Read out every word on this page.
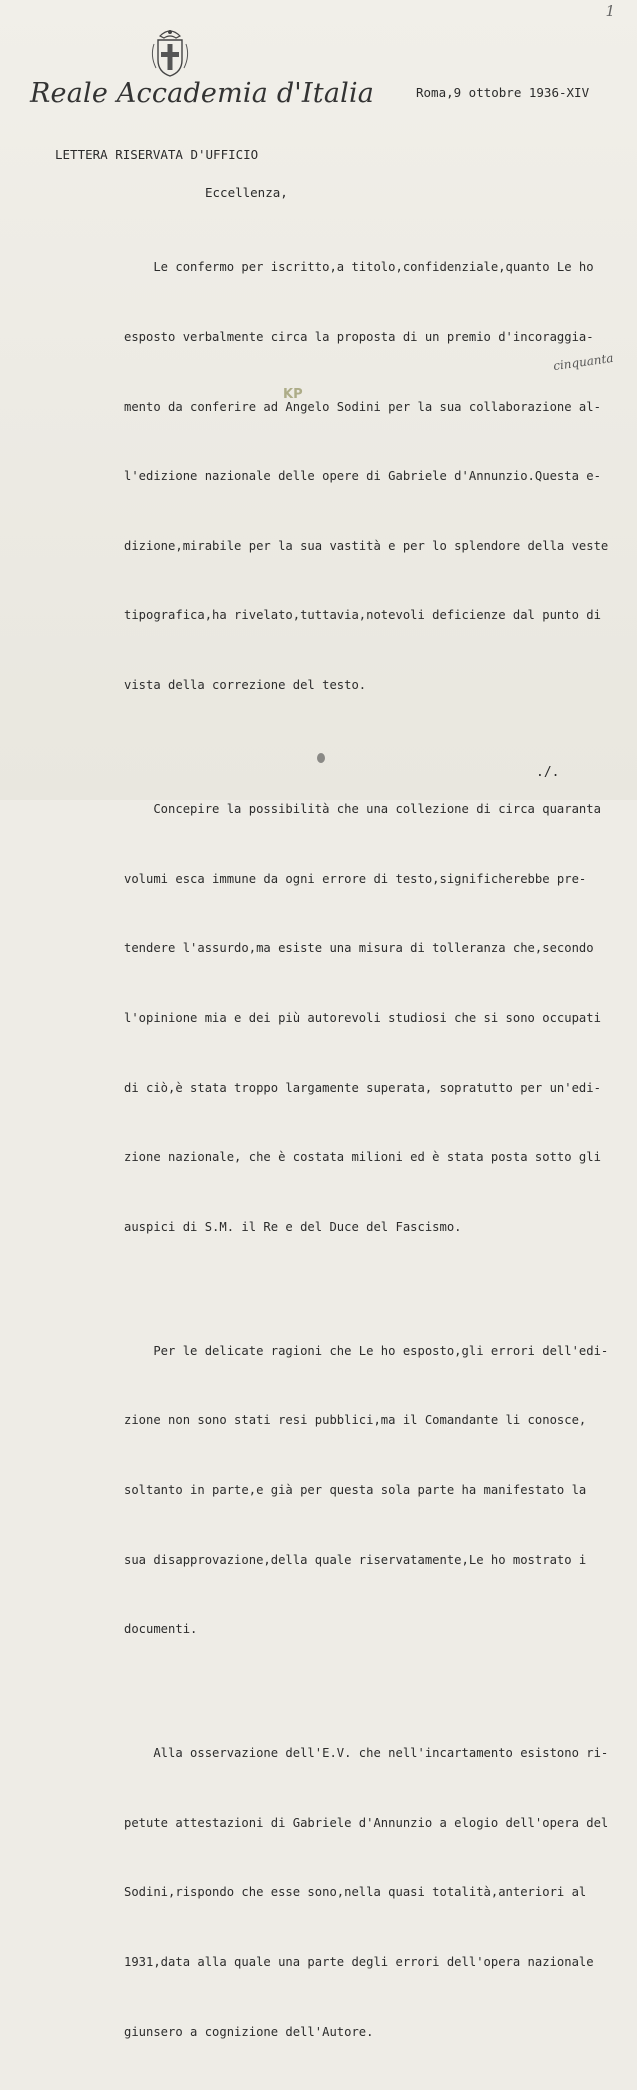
1
Reale Accademia d'Italia	Roma,9 ottobre 1936-XIV
LETTERA RISERVATA D'UFFICIO
Eccellenza,

Le confermo per iscritto,a titolo,confidenziale,quanto Le ho

esposto verbalmente circa la proposta di un premio d'incoraggia-

mento da conferire ad Angelo Sodini per la sua collaborazione al-

l'edizione nazionale delle opere di Gabriele d'Annunzio.Questa e-

dizione,mirabile per la sua vastità e per lo splendore della veste

tipografica,ha rivelato,tuttavia,notevoli deficienze dal punto di

vista della correzione del testo.

Concepire la possibilità che una collezione di circa quaranta

volumi esca immune da ogni errore di testo,significherebbe pre-

tendere l'assurdo,ma esiste una misura di tolleranza che,secondo

l'opinione mia e dei più autorevoli studiosi che si sono occupati

di ciò,è stata troppo largamente superata, sopratutto per un'edi-

zione nazionale, che è costata milioni ed è stata posta sotto gli

auspici di S.M. il Re e del Duce del Fascismo.

Per le delicate ragioni che Le ho esposto,gli errori dell'edi-

zione non sono stati resi pubblici,ma il Comandante li conosce,

soltanto in parte,e già per questa sola parte ha manifestato la

sua disapprovazione,della quale riservatamente,Le ho mostrato i

documenti.

Alla osservazione dell'E.V. che nell'incartamento esistono ri-

petute attestazioni di Gabriele d'Annunzio a elogio dell'opera del

Sodini,rispondo che esse sono,nella quasi totalità,anteriori al

1931,data alla quale una parte degli errori dell'opera nazionale

giunsero a cognizione dell'Autore.

cinquanta
KP
./.
